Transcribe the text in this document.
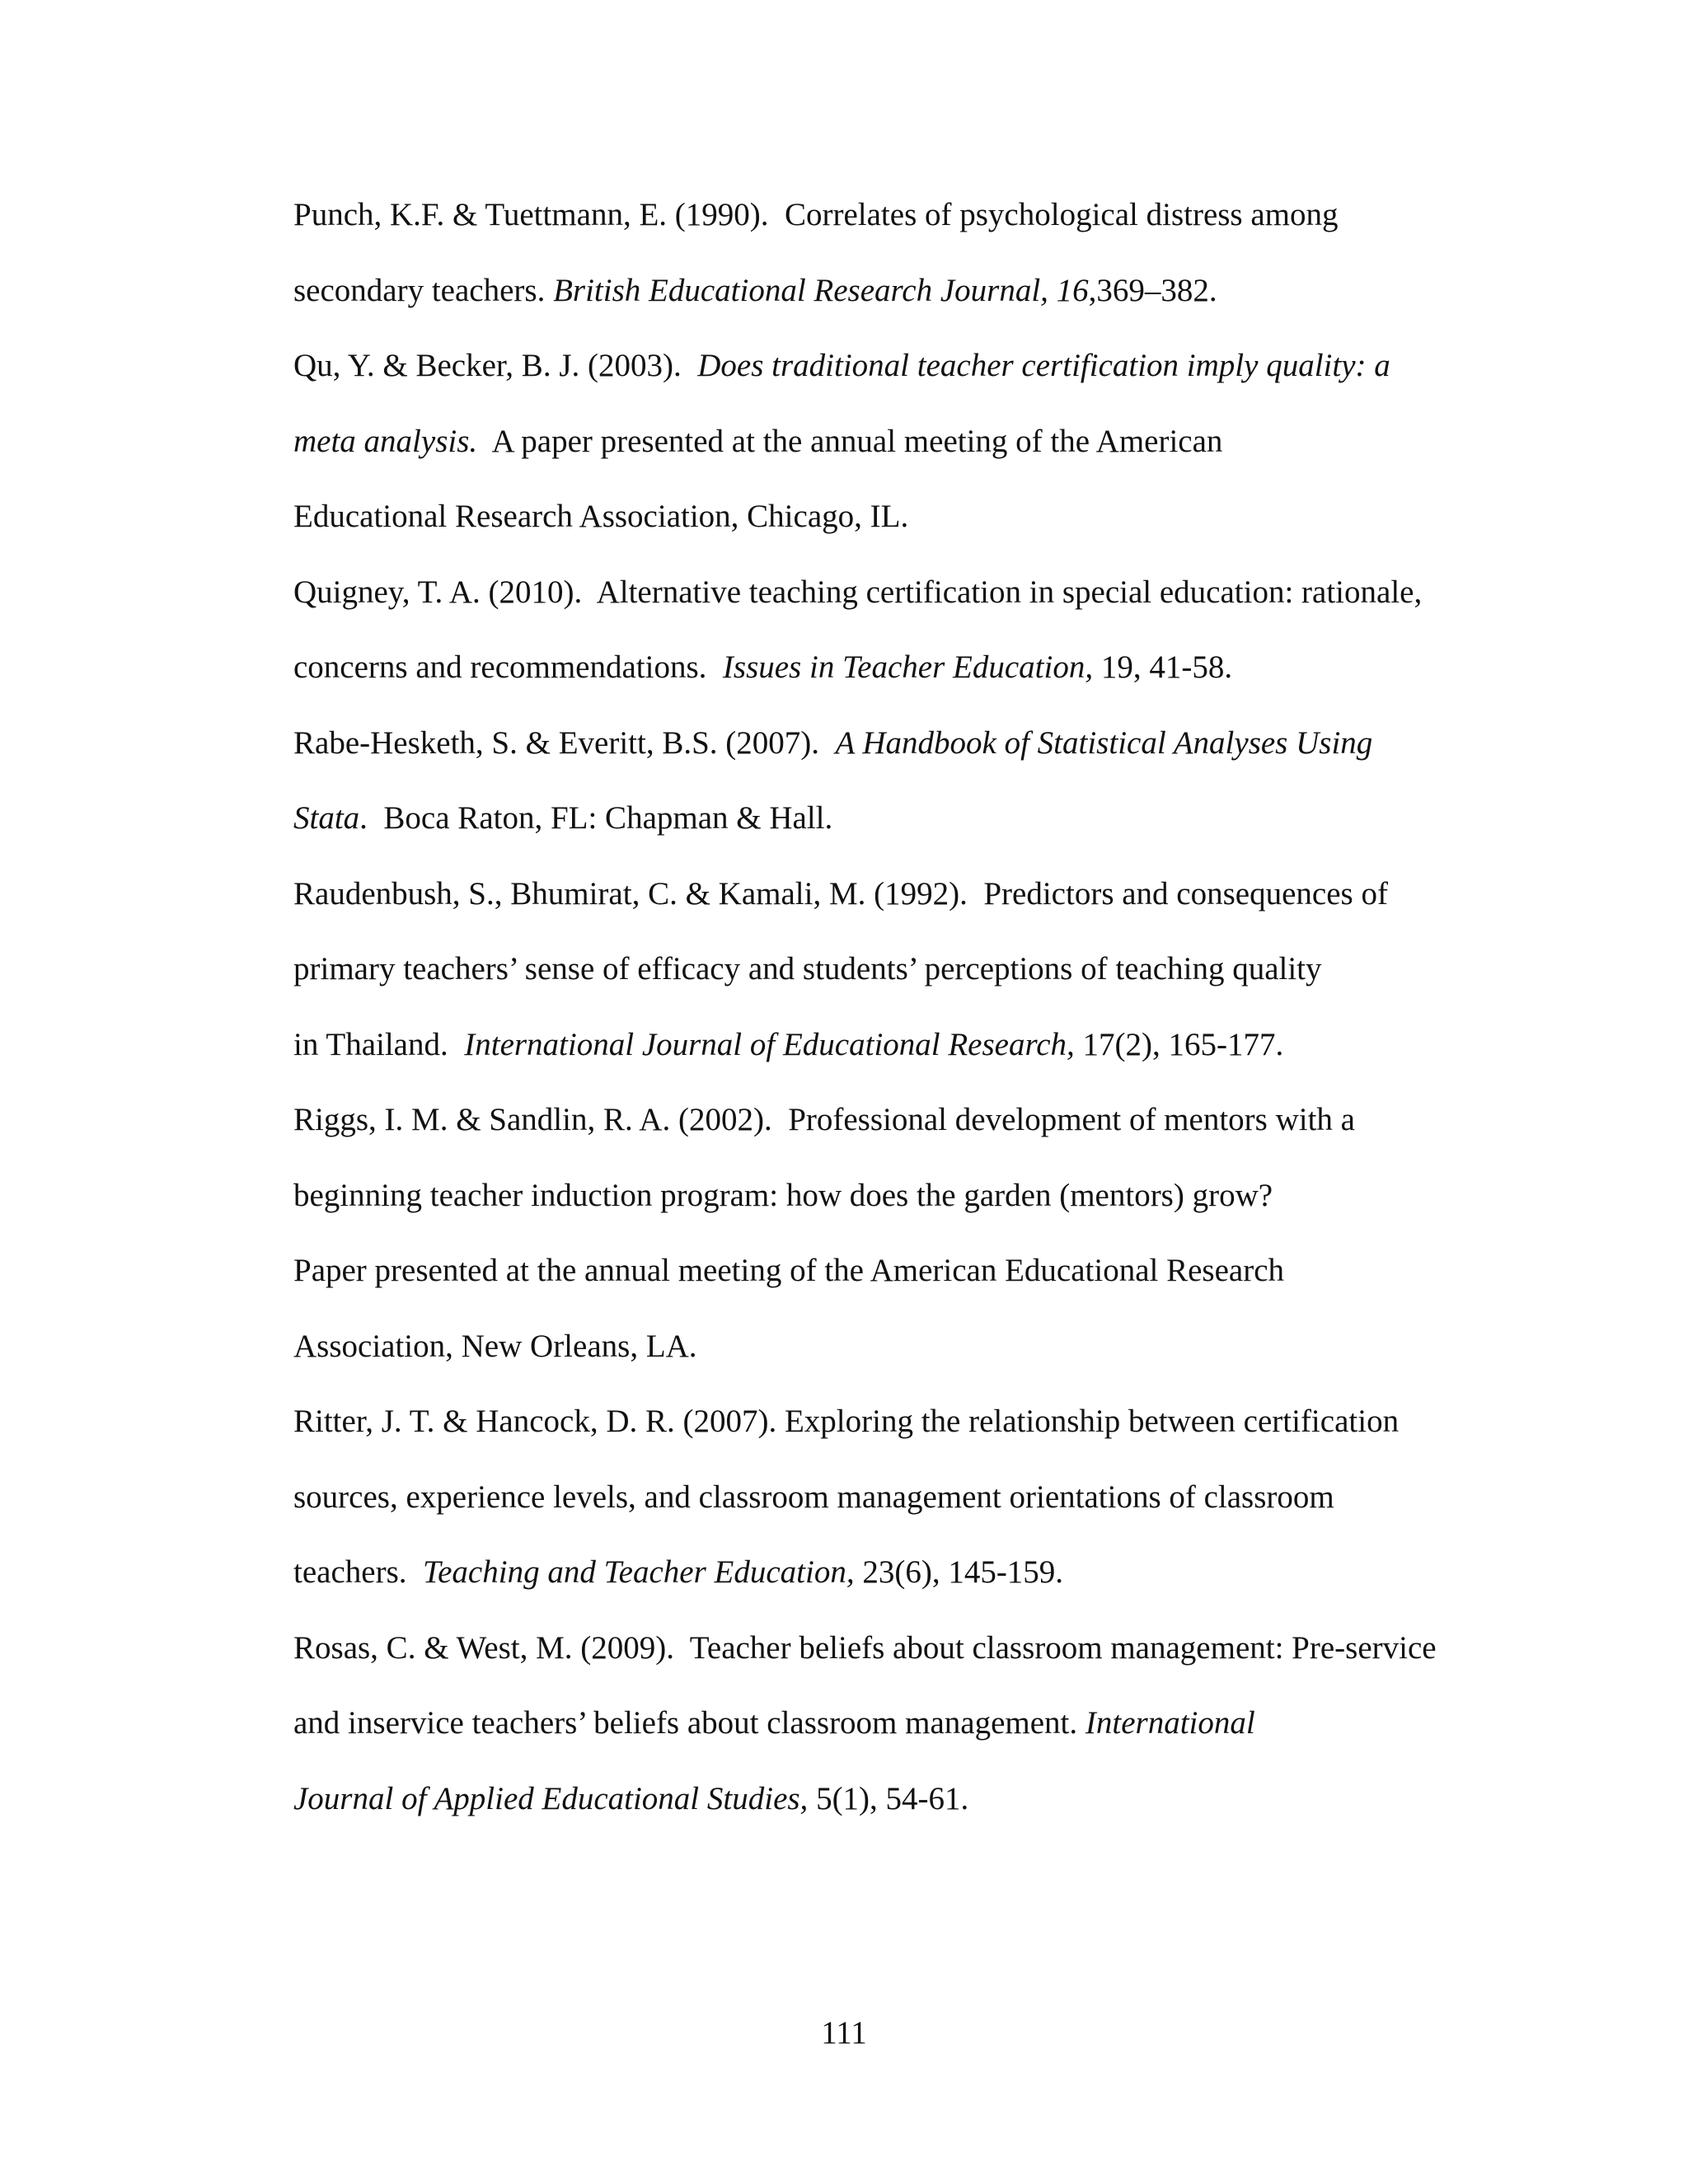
Punch, K.F. & Tuettmann, E. (1990).  Correlates of psychological distress among
secondary teachers. British Educational Research Journal, 16,369–382.

Qu, Y. & Becker, B. J. (2003).  Does traditional teacher certification imply quality: a
meta analysis.  A paper presented at the annual meeting of the American
Educational Research Association, Chicago, IL.

Quigney, T. A. (2010).  Alternative teaching certification in special education: rationale,
concerns and recommendations.  Issues in Teacher Education, 19, 41-58.

Rabe-Hesketh, S. & Everitt, B.S. (2007).  A Handbook of Statistical Analyses Using
Stata.  Boca Raton, FL: Chapman & Hall.

Raudenbush, S., Bhumirat, C. & Kamali, M. (1992).  Predictors and consequences of
primary teachers’ sense of efficacy and students’ perceptions of teaching quality
in Thailand.  International Journal of Educational Research, 17(2), 165-177.

Riggs, I. M. & Sandlin, R. A. (2002).  Professional development of mentors with a
beginning teacher induction program: how does the garden (mentors) grow?
Paper presented at the annual meeting of the American Educational Research
Association, New Orleans, LA.

Ritter, J. T. & Hancock, D. R. (2007). Exploring the relationship between certification
sources, experience levels, and classroom management orientations of classroom
teachers.  Teaching and Teacher Education, 23(6), 145-159.

Rosas, C. & West, M. (2009).  Teacher beliefs about classroom management: Pre-service
and inservice teachers’ beliefs about classroom management. International
Journal of Applied Educational Studies, 5(1), 54-61.

111
